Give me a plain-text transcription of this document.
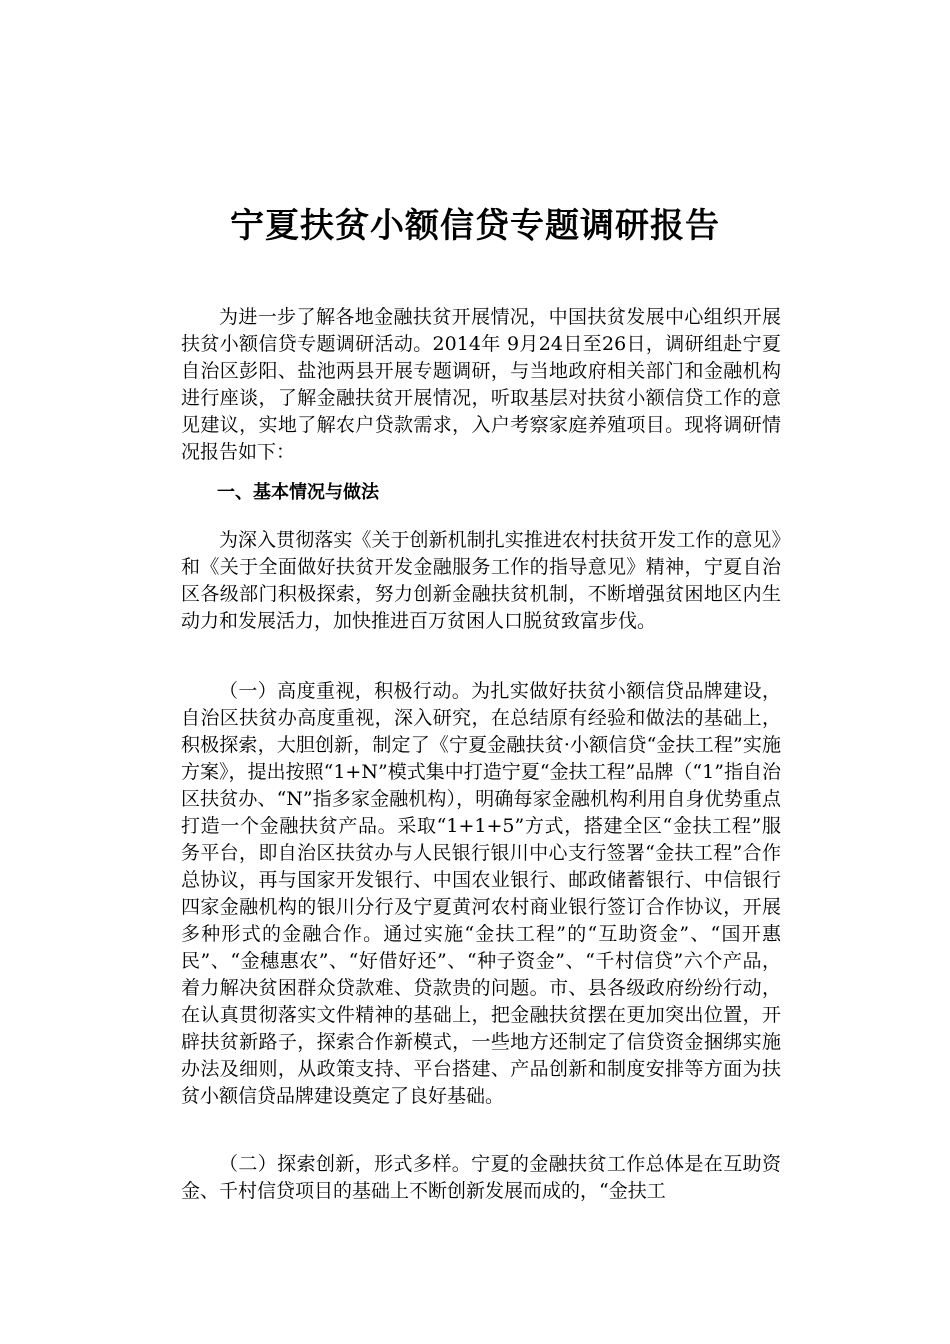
宁夏扶贫小额信贷专题调研报告

为进一步了解各地金融扶贫开展情况，中国扶贫发展中心组织开展扶贫小额信贷专题调研活动。2014年 9月24日至26日，调研组赴宁夏自治区彭阳、盐池两县开展专题调研，与当地政府相关部门和金融机构进行座谈，了解金融扶贫开展情况，听取基层对扶贫小额信贷工作的意见建议，实地了解农户贷款需求，入户考察家庭养殖项目。现将调研情况报告如下：

一、基本情况与做法

为深入贯彻落实《关于创新机制扎实推进农村扶贫开发工作的意见》和《关于全面做好扶贫开发金融服务工作的指导意见》精神，宁夏自治区各级部门积极探索，努力创新金融扶贫机制，不断增强贫困地区内生动力和发展活力，加快推进百万贫困人口脱贫致富步伐。

（一）高度重视，积极行动。为扎实做好扶贫小额信贷品牌建设，自治区扶贫办高度重视，深入研究，在总结原有经验和做法的基础上，积极探索，大胆创新，制定了《宁夏金融扶贫·小额信贷“金扶工程”实施方案》，提出按照“1+N”模式集中打造宁夏“金扶工程”品牌（“1”指自治区扶贫办、“N”指多家金融机构），明确每家金融机构利用自身优势重点打造一个金融扶贫产品。采取“1+1+5”方式，搭建全区“金扶工程”服务平台，即自治区扶贫办与人民银行银川中心支行签署“金扶工程”合作总协议，再与国家开发银行、中国农业银行、邮政储蓄银行、中信银行四家金融机构的银川分行及宁夏黄河农村商业银行签订合作协议，开展多种形式的金融合作。通过实施“金扶工程”的“互助资金”、“国开惠民”、“金穗惠农”、“好借好还”、“种子资金”、“千村信贷”六个产品，着力解决贫困群众贷款难、贷款贵的问题。市、县各级政府纷纷行动，在认真贯彻落实文件精神的基础上，把金融扶贫摆在更加突出位置，开辟扶贫新路子，探索合作新模式，一些地方还制定了信贷资金捆绑实施办法及细则，从政策支持、平台搭建、产品创新和制度安排等方面为扶贫小额信贷品牌建设奠定了良好基础。

（二）探索创新，形式多样。宁夏的金融扶贫工作总体是在互助资金、千村信贷项目的基础上不断创新发展而成的，“金扶工
